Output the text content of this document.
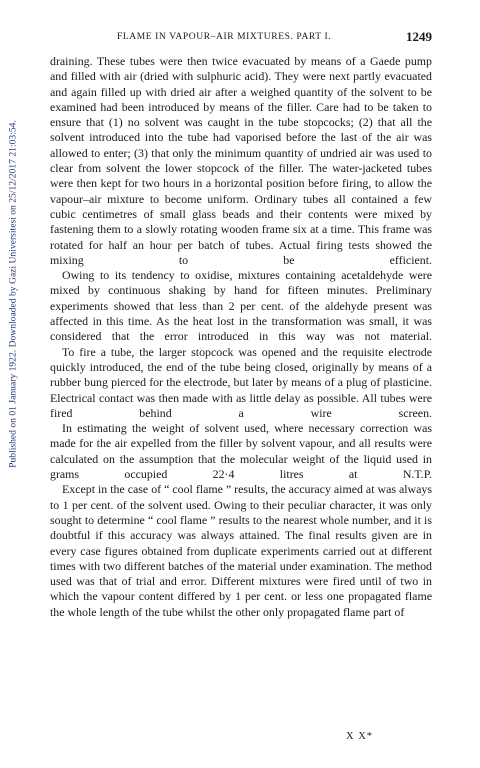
Published on 01 January 1922. Downloaded by Gazi Universitesi on 25/12/2017 21:03:54.
FLAME IN VAPOUR–AIR MIXTURES. PART I.	1249

draining. These tubes were then twice evacuated by means of a Gaede pump and filled with air (dried with sulphuric acid). They were next partly evacuated and again filled up with dried air after a weighed quantity of the solvent to be examined had been introduced by means of the filler. Care had to be taken to ensure that (1) no solvent was caught in the tube stopcocks; (2) that all the solvent introduced into the tube had vaporised before the last of the air was allowed to enter; (3) that only the minimum quantity of undried air was used to clear from solvent the lower stopcock of the filler. The water-jacketed tubes were then kept for two hours in a horizontal position before firing, to allow the vapour–air mixture to become uniform. Ordinary tubes all contained a few cubic centimetres of small glass beads and their contents were mixed by fastening them to a slowly rotating wooden frame six at a time. This frame was rotated for half an hour per batch of tubes. Actual firing tests showed the mixing to be efficient.

Owing to its tendency to oxidise, mixtures containing acetaldehyde were mixed by continuous shaking by hand for fifteen minutes. Preliminary experiments showed that less than 2 per cent. of the aldehyde present was affected in this time. As the heat lost in the transformation was small, it was considered that the error introduced in this way was not material.

To fire a tube, the larger stopcock was opened and the requisite electrode quickly introduced, the end of the tube being closed, originally by means of a rubber bung pierced for the electrode, but later by means of a plug of plasticine. Electrical contact was then made with as little delay as possible. All tubes were fired behind a wire screen.

In estimating the weight of solvent used, where necessary correction was made for the air expelled from the filler by solvent vapour, and all results were calculated on the assumption that the molecular weight of the liquid used in grams occupied 22·4 litres at N.T.P.

Except in the case of “ cool flame ” results, the accuracy aimed at was always to 1 per cent. of the solvent used. Owing to their peculiar character, it was only sought to determine “ cool flame ” results to the nearest whole number, and it is doubtful if this accuracy was always attained. The final results given are in every case figures obtained from duplicate experiments carried out at different times with two different batches of the material under examination. The method used was that of trial and error. Different mixtures were fired until of two in which the vapour content differed by 1 per cent. or less one propagated flame the whole length of the tube whilst the other only propagated flame part of

X X*
